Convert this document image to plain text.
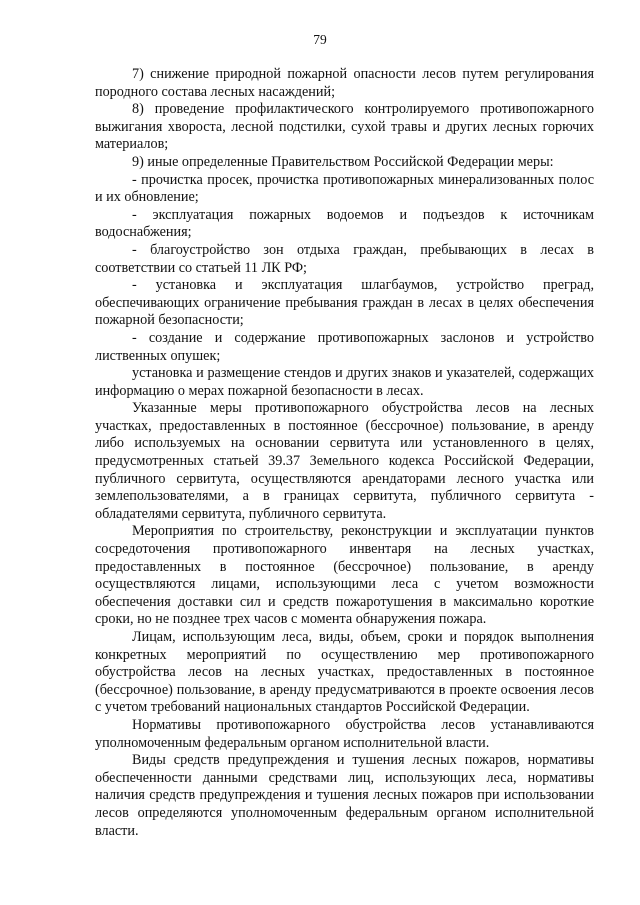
79

7) снижение природной пожарной опасности лесов путем регулирования породного состава лесных насаждений;

8) проведение профилактического контролируемого противопожарного выжигания хвороста, лесной подстилки, сухой травы и других лесных горючих материалов;

9) иные определенные Правительством Российской Федерации меры:

- прочистка просек, прочистка противопожарных минерализованных полос и их обновление;

- эксплуатация пожарных водоемов и подъездов к источникам водоснабжения;

- благоустройство зон отдыха граждан, пребывающих в лесах в соответствии со статьей 11 ЛК РФ;

- установка и эксплуатация шлагбаумов, устройство преград, обеспечивающих ограничение пребывания граждан в лесах в целях обеспечения пожарной безопасности;

- создание и содержание противопожарных заслонов и устройство лиственных опушек;

установка и размещение стендов и других знаков и указателей, содержащих информацию о мерах пожарной безопасности в лесах.

Указанные меры противопожарного обустройства лесов на лесных участках, предоставленных в постоянное (бессрочное) пользование, в аренду либо используемых на основании сервитута или установленного в целях, предусмотренных статьей 39.37 Земельного кодекса Российской Федерации, публичного сервитута, осуществляются арендаторами лесного участка или землепользователями, а в границах сервитута, публичного сервитута - обладателями сервитута, публичного сервитута.

Мероприятия по строительству, реконструкции и эксплуатации пунктов сосредоточения противопожарного инвентаря на лесных участках, предоставленных в постоянное (бессрочное) пользование, в аренду осуществляются лицами, использующими леса с учетом возможности обеспечения доставки сил и средств пожаротушения в максимально короткие сроки, но не позднее трех часов с момента обнаружения пожара.

Лицам, использующим леса, виды, объем, сроки и порядок выполнения конкретных мероприятий по осуществлению мер противопожарного обустройства лесов на лесных участках, предоставленных в постоянное (бессрочное) пользование, в аренду предусматриваются в проекте освоения лесов с учетом требований национальных стандартов Российской Федерации.

Нормативы противопожарного обустройства лесов устанавливаются уполномоченным федеральным органом исполнительной власти.

Виды средств предупреждения и тушения лесных пожаров, нормативы обеспеченности данными средствами лиц, использующих леса, нормативы наличия средств предупреждения и тушения лесных пожаров при использовании лесов определяются уполномоченным федеральным органом исполнительной власти.
